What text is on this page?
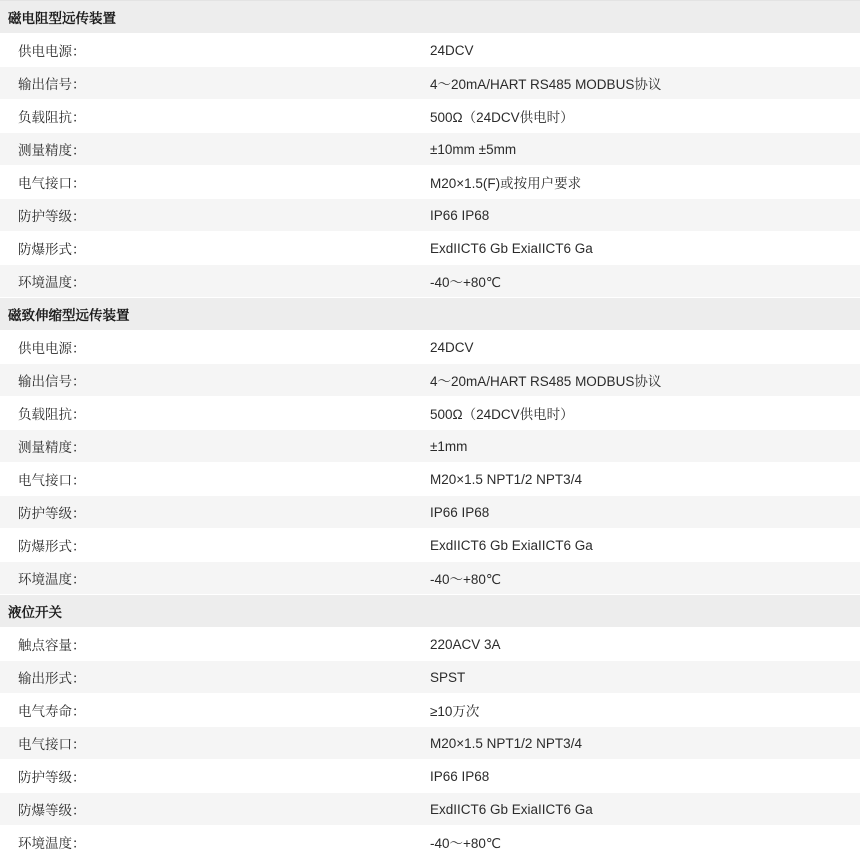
磁电阻型远传装置	
供电电源：	24DCV
输出信号：	4～20mA/HART RS485 MODBUS协议
负载阻抗：	500Ω（24DCV供电时）
测量精度：	±10mm ±5mm
电气接口：	M20×1.5(F)或按用户要求
防护等级：	IP66 IP68
防爆形式：	ExdIICT6 Gb ExiaIICT6 Ga
环境温度：	-40～+80℃
磁致伸缩型远传装置	
供电电源：	24DCV
输出信号：	4～20mA/HART RS485 MODBUS协议
负载阻抗：	500Ω（24DCV供电时）
测量精度：	±1mm
电气接口：	M20×1.5 NPT1/2 NPT3/4
防护等级：	IP66 IP68
防爆形式：	ExdIICT6 Gb ExiaIICT6 Ga
环境温度：	-40～+80℃
液位开关	
触点容量：	220ACV 3A
输出形式：	SPST
电气寿命：	≥10万次
电气接口：	M20×1.5 NPT1/2 NPT3/4
防护等级：	IP66 IP68
防爆等级：	ExdIICT6 Gb ExiaIICT6 Ga
环境温度：	-40～+80℃
